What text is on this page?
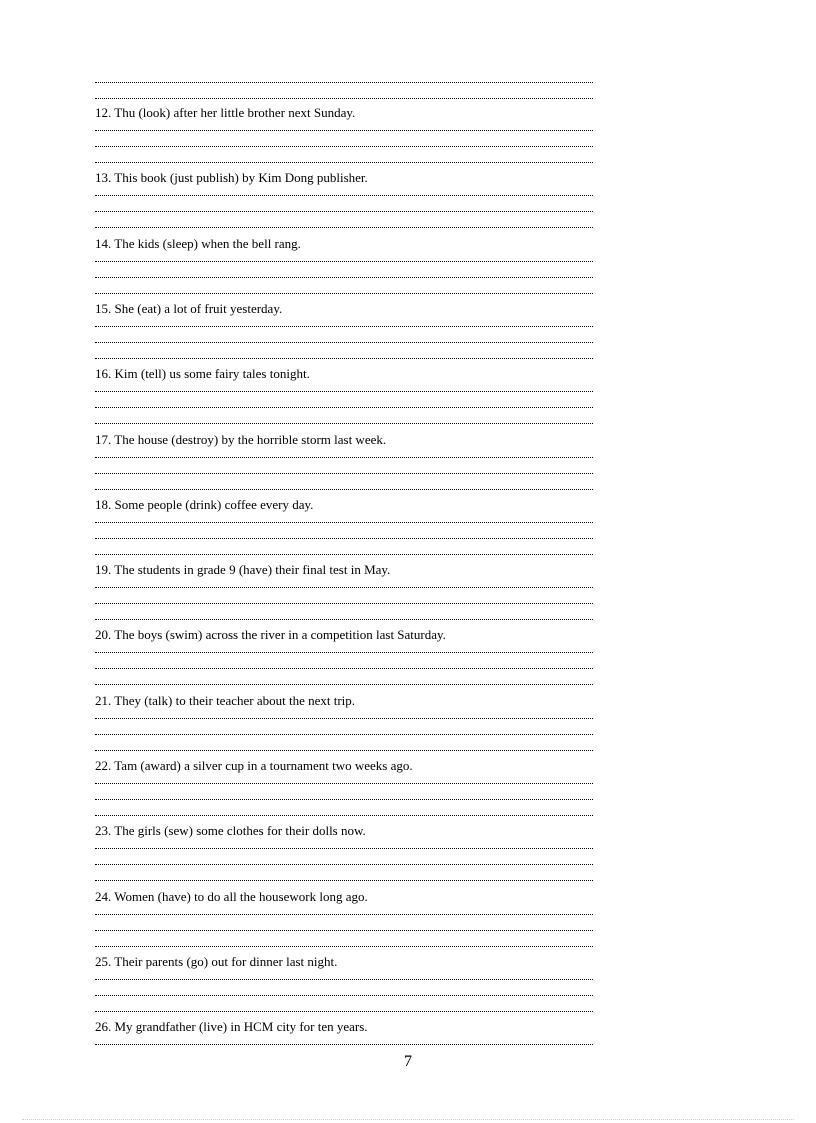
12. Thu (look) after her little brother next Sunday.
13. This book (just publish) by Kim Dong publisher.
14. The kids (sleep) when the bell rang.
15. She (eat) a lot of fruit yesterday.
16. Kim (tell) us some fairy tales tonight.
17. The house (destroy) by the horrible storm last week.
18. Some people (drink) coffee every day.
19. The students in grade 9 (have) their final test in May.
20. The boys (swim) across the river in a competition last Saturday.
21. They (talk) to their teacher about the next trip.
22. Tam (award) a silver cup in a tournament two weeks ago.
23. The girls (sew) some clothes for their dolls now.
24. Women (have) to do all the housework long ago.
25. Their parents (go) out for dinner last night.
26. My grandfather (live) in HCM city for ten years.
7
